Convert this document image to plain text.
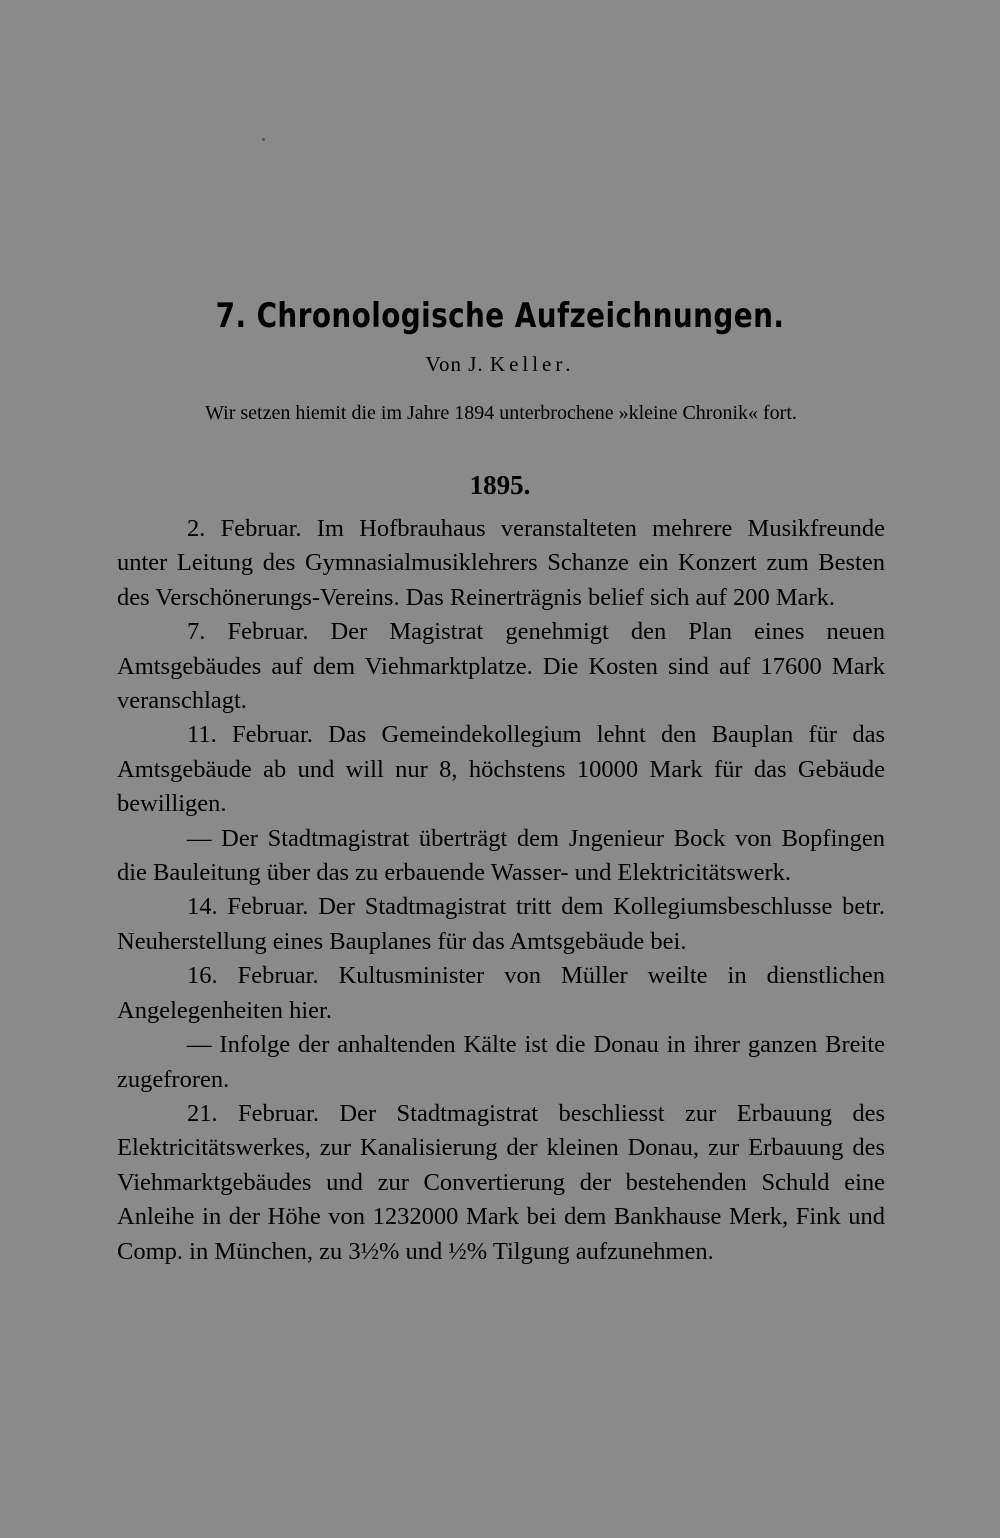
7. Chronologische Aufzeichnungen.
Von J. Keller.
Wir setzen hiemit die im Jahre 1894 unterbrochene »kleine Chronik« fort.
1895.

2. Februar. Im Hofbrauhaus veranstalteten mehrere Musikfreunde unter Leitung des Gymnasialmusiklehrers Schanze ein Konzert zum Besten des Verschönerungs-Vereins. Das Reinerträgnis belief sich auf 200 Mark.

7. Februar. Der Magistrat genehmigt den Plan eines neuen Amtsgebäudes auf dem Viehmarktplatze. Die Kosten sind auf 17600 Mark veranschlagt.

11. Februar. Das Gemeindekollegium lehnt den Bauplan für das Amtsgebäude ab und will nur 8, höchstens 10000 Mark für das Gebäude bewilligen.

— Der Stadtmagistrat überträgt dem Jngenieur Bock von Bopfingen die Bauleitung über das zu erbauende Wasser- und Elektricitätswerk.

14. Februar. Der Stadtmagistrat tritt dem Kollegiumsbeschlusse betr. Neuherstellung eines Bauplanes für das Amtsgebäude bei.

16. Februar. Kultusminister von Müller weilte in dienstlichen Angelegenheiten hier.

— Infolge der anhaltenden Kälte ist die Donau in ihrer ganzen Breite zugefroren.

21. Februar. Der Stadtmagistrat beschliesst zur Erbauung des Elektricitätswerkes, zur Kanalisierung der kleinen Donau, zur Erbauung des Viehmarktgebäudes und zur Convertierung der bestehenden Schuld eine Anleihe in der Höhe von 1232000 Mark bei dem Bankhause Merk, Fink und Comp. in München, zu 3½% und ½% Tilgung aufzunehmen.
